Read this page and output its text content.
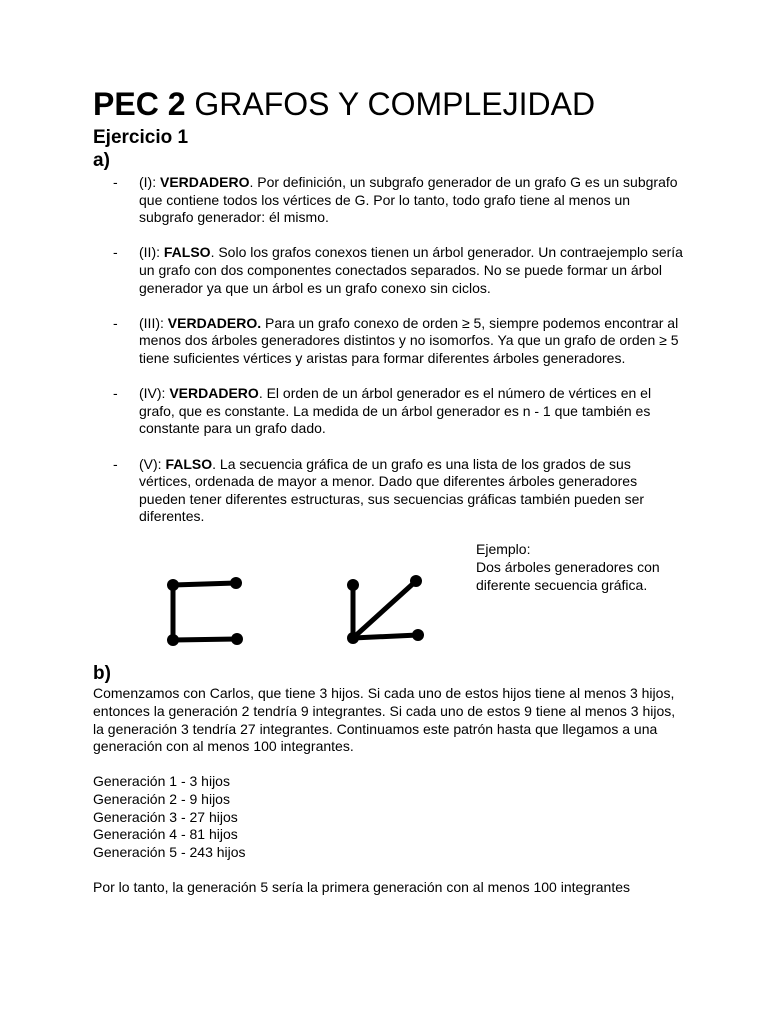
PEC 2 GRAFOS Y COMPLEJIDAD
Ejercicio 1
a)
- (I): VERDADERO. Por definición, un subgrafo generador de un grafo G es un subgrafo que contiene todos los vértices de G. Por lo tanto, todo grafo tiene al menos un subgrafo generador: él mismo.
- (II): FALSO. Solo los grafos conexos tienen un árbol generador. Un contraejemplo sería un grafo con dos componentes conectados separados. No se puede formar un árbol generador ya que un árbol es un grafo conexo sin ciclos.
- (III): VERDADERO. Para un grafo conexo de orden ≥ 5, siempre podemos encontrar al menos dos árboles generadores distintos y no isomorfos. Ya que un grafo de orden ≥ 5 tiene suficientes vértices y aristas para formar diferentes árboles generadores.
- (IV): VERDADERO. El orden de un árbol generador es el número de vértices en el grafo, que es constante. La medida de un árbol generador es n - 1 que también es constante para un grafo dado.
- (V): FALSO. La secuencia gráfica de un grafo es una lista de los grados de sus vértices, ordenada de mayor a menor. Dado que diferentes árboles generadores pueden tener diferentes estructuras, sus secuencias gráficas también pueden ser diferentes.
Ejemplo:
Dos árboles generadores con
diferente secuencia gráfica.
b)

Comenzamos con Carlos, que tiene 3 hijos. Si cada uno de estos hijos tiene al menos 3 hijos, entonces la generación 2 tendría 9 integrantes. Si cada uno de estos 9 tiene al menos 3 hijos, la generación 3 tendría 27 integrantes. Continuamos este patrón hasta que llegamos a una generación con al menos 100 integrantes.

Generación 1 - 3 hijos
Generación 2 - 9 hijos
Generación 3 - 27 hijos
Generación 4 - 81 hijos
Generación 5 - 243 hijos

Por lo tanto, la generación 5 sería la primera generación con al menos 100 integrantes
